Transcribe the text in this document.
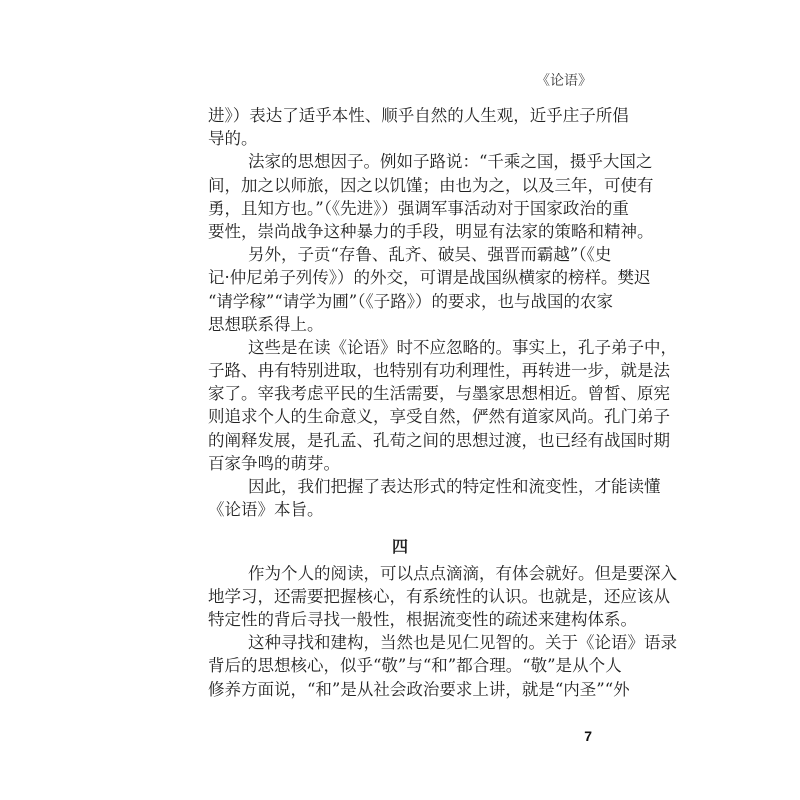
《论语》
进》）表达了适乎本性、顺乎自然的人生观，近乎庄子所倡
导的。
法家的思想因子。例如子路说：“千乘之国，摄乎大国之
间，加之以师旅，因之以饥馑；由也为之，以及三年，可使有
勇，且知方也。”（《先进》）强调军事活动对于国家政治的重
要性，崇尚战争这种暴力的手段，明显有法家的策略和精神。
另外，子贡“存鲁、乱齐、破吴、强晋而霸越”（《史
记·仲尼弟子列传》）的外交，可谓是战国纵横家的榜样。樊迟
“请学稼”“请学为圃”（《子路》）的要求，也与战国的农家
思想联系得上。
这些是在读《论语》时不应忽略的。事实上，孔子弟子中，
子路、冉有特别进取，也特别有功利理性，再转进一步，就是法
家了。宰我考虑平民的生活需要，与墨家思想相近。曾皙、原宪
则追求个人的生命意义，享受自然，俨然有道家风尚。孔门弟子
的阐释发展，是孔孟、孔荀之间的思想过渡，也已经有战国时期
百家争鸣的萌芽。
因此，我们把握了表达形式的特定性和流变性，才能读懂
《论语》本旨。
四
作为个人的阅读，可以点点滴滴，有体会就好。但是要深入
地学习，还需要把握核心，有系统性的认识。也就是，还应该从
特定性的背后寻找一般性，根据流变性的疏述来建构体系。
这种寻找和建构，当然也是见仁见智的。关于《论语》语录
背后的思想核心，似乎“敬”与“和”都合理。“敬”是从个人
修养方面说，“和”是从社会政治要求上讲，就是“内圣”“外
7
